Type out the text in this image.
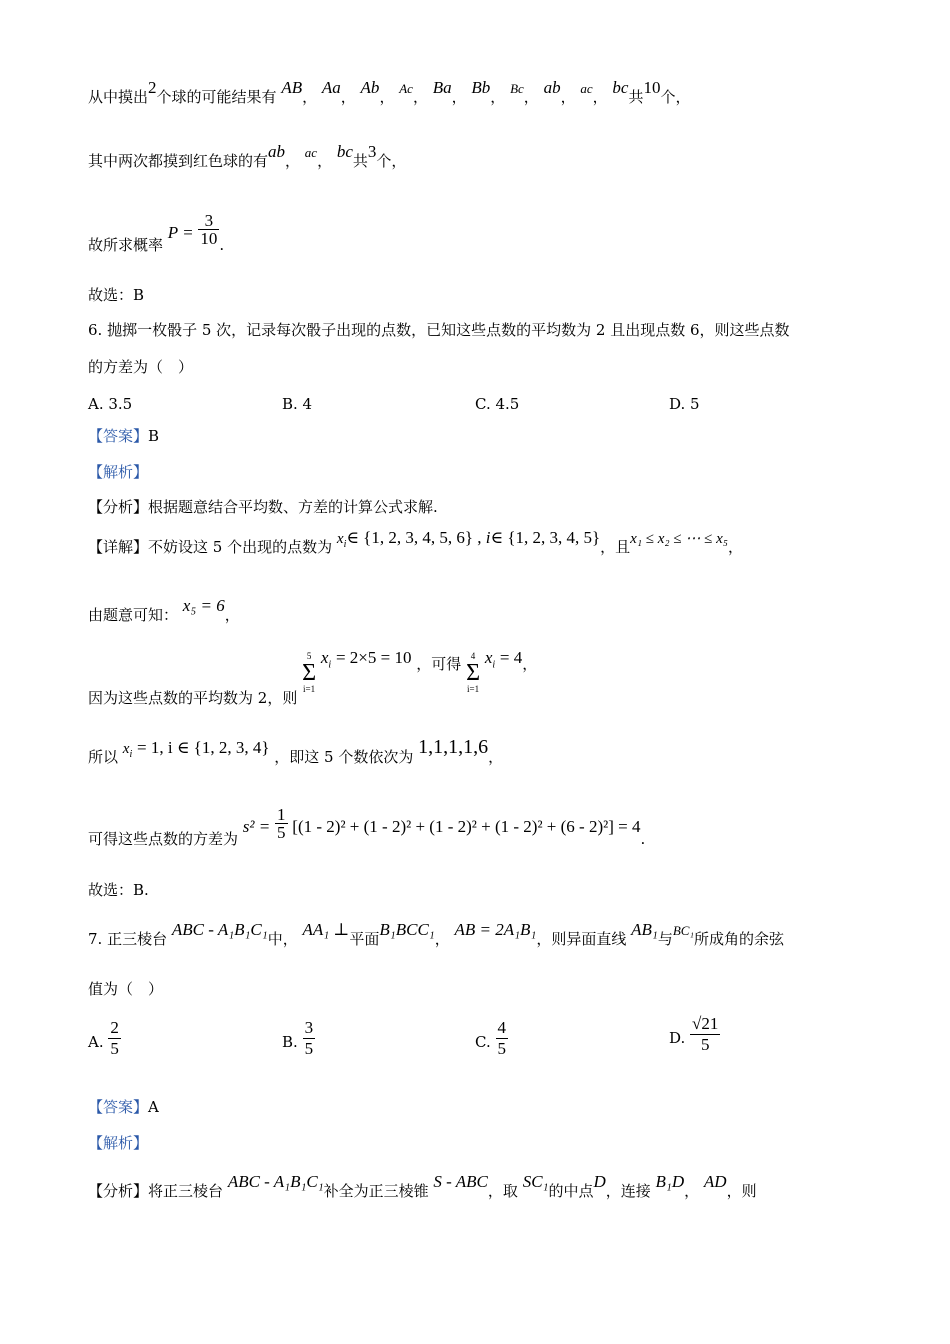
从中摸出2个球的可能结果有 AB， Aa， Ab， Ac， Ba， Bb， Bc， ab， ac， bc共10个，
其中两次都摸到红色球的有ab， ac， bc共3个，
故所求概率 $P = \frac{3}{10}$ .
故选：B
6. 抛掷一枚骰子 5 次，记录每次骰子出现的点数，已知这些点数的平均数为 2 且出现点数 6，则这些点数
的方差为（　）
A. 3.5	B. 4	C. 4.5	D. 5
【答案】B
【解析】
【分析】根据题意结合平均数、方差的计算公式求解.
【详解】不妨设这 5 个出现的点数为 $x_i\in$ {1, 2, 3, 4, 5, 6} , i∈ {1, 2, 3, 4, 5}，且x₁ ≤ x₂ ≤ ⋯ ≤ x₅，
由题意可知： x₅ = 6，
因为这些点数的平均数为 2，则
5
Σ
i=1
$x_i = 2\times 5 = 10$ ，可得	4
Σ
i=1
$x_i = 4$，
所以 $x_i = 1$, i ∈ {1, 2, 3, 4} ，即这 5 个数依次为 1,1,1,1,6，
可得这些点数的方差为 $s^2 = \frac{1}{5} [(1 - 2)^2 + (1 - 2)^2 + (1 - 2)^2 + (1 - 2)^2 + (6 - 2)^2] = 4$.
故选：B.
7. 正三棱台 ABC - A₁B₁C₁中， AA₁ ⊥平面B₁BCC₁， AB = 2A₁B₁，则异面直线 AB₁与BC₁所成角的余弦
值为（　）
A. $\frac{2}{5}$	B. $\frac{3}{5}$	C. $\frac{4}{5}$	D. $\frac{√21}{5}$
【答案】A
【解析】
【分析】将正三棱台 ABC - A₁B₁C₁补全为正三棱锥 S - ABC，取 SC₁的中点D，连接 B₁D， AD，则
